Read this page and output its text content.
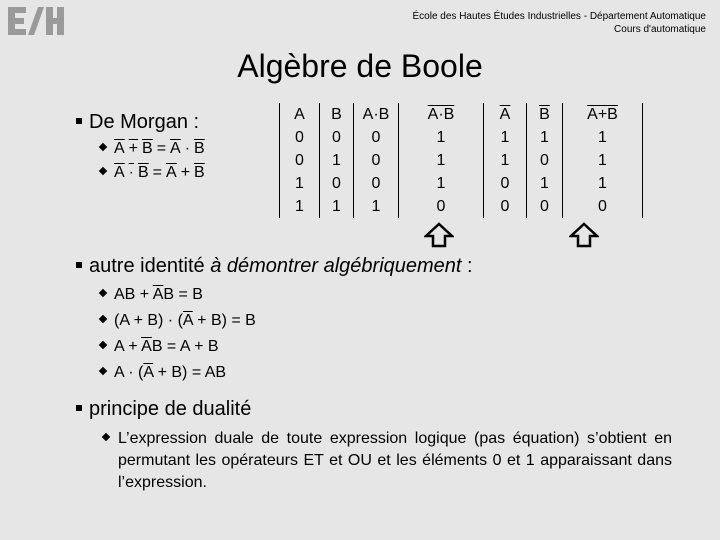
École des Hautes Études Industrielles - Département Automatique
Cours d'automatique
Algèbre de Boole
De Morgan :
$A + B = \overline{A} \cdot \overline{B}$
$A \cdot B = \overline{A} + \overline{B}$
A	B	A·B	A·B	$\overline{A}$	$\overline{B}$	A+B
0	0	0	1	1	1	1
0	1	0	1	1	0	1
1	0	0	1	0	1	1
1	1	1	0	0	0	0
autre identité à démontrer algébriquement :
AB + $\overline{A}B = B$
$(A + B) \cdot (\overline{A} + B) = B$
$A + \overline{A}B = A + B$
$A \cdot (\overline{A} + B)$ = AB
principe de dualité
L’expression duale de toute expression logique (pas équation) s’obtient en permutant les opérateurs ET et OU et les éléments 0 et 1 apparaissant dans l’expression.
